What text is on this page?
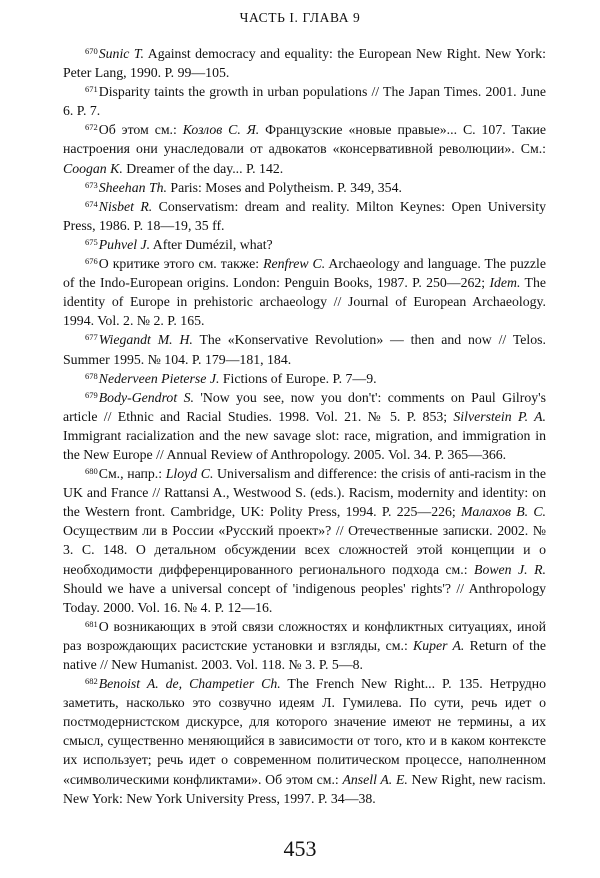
ЧАСТЬ I. ГЛАВА 9

$^{670}$Sunic T. Against democracy and equality: the European New Right. New York: Peter Lang, 1990. P. 99—105.

$^{671}$Disparity taints the growth in urban populations // The Japan Times. 2001. June 6. P. 7.

$^{672}$Об этом см.: Козлов С. Я. Французские «новые правые»... С. 107. Такие настроения они унаследовали от адвокатов «консервативной революции». См.: Coogan K. Dreamer of the day... P. 142.

$^{673}$Sheehan Th. Paris: Moses and Polytheism. P. 349, 354.

$^{674}$Nisbet R. Conservatism: dream and reality. Milton Keynes: Open University Press, 1986. P. 18—19, 35 ff.

$^{675}$Puhvel J. After Dumézil, what?

$^{676}$О критике этого см. также: Renfrew C. Archaeology and language. The puzzle of the Indo-European origins. London: Penguin Books, 1987. P. 250—262; Idem. The identity of Europe in prehistoric archaeology // Journal of European Archaeology. 1994. Vol. 2. № 2. P. 165.

$^{677}$Wiegandt M. H. The «Konservative Revolution» — then and now // Telos. Summer 1995. № 104. P. 179—181, 184.

$^{678}$Nederveen Pieterse J. Fictions of Europe. P. 7—9.

$^{679}$Body-Gendrot S. 'Now you see, now you don't': comments on Paul Gilroy's article // Ethnic and Racial Studies. 1998. Vol. 21. № 5. P. 853; Silverstein P. A. Immigrant racialization and the new savage slot: race, migration, and immigration in the New Europe // Annual Review of Anthropology. 2005. Vol. 34. P. 365—366.

$^{680}$См., напр.: Lloyd C. Universalism and difference: the crisis of anti-racism in the UK and France // Rattansi A., Westwood S. (eds.). Racism, modernity and identity: on the Western front. Cambridge, UK: Polity Press, 1994. P. 225—226; Малахов В. С. Осуществим ли в России «Русский проект»? // Отечественные записки. 2002. № 3. С. 148. О детальном обсуждении всех сложностей этой концепции и о необходимости дифференцированного регионального подхода см.: Bowen J. R. Should we have a universal concept of 'indigenous peoples' rights'? // Anthropology Today. 2000. Vol. 16. № 4. P. 12—16.

$^{681}$О возникающих в этой связи сложностях и конфликтных ситуациях, иной раз возрождающих расистские установки и взгляды, см.: Kuper A. Return of the native // New Humanist. 2003. Vol. 118. № 3. P. 5—8.

$^{682}$Benoist A. de, Champetier Ch. The French New Right... P. 135. Нетрудно заметить, насколько это созвучно идеям Л. Гумилева. По сути, речь идет о постмодернистском дискурсе, для которого значение имеют не термины, а их смысл, существенно меняющийся в зависимости от того, кто и в каком контексте их использует; речь идет о современном политическом процессе, наполненном «символическими конфликтами». Об этом см.: Ansell A. E. New Right, new racism. New York: New York University Press, 1997. P. 34—38.

453
